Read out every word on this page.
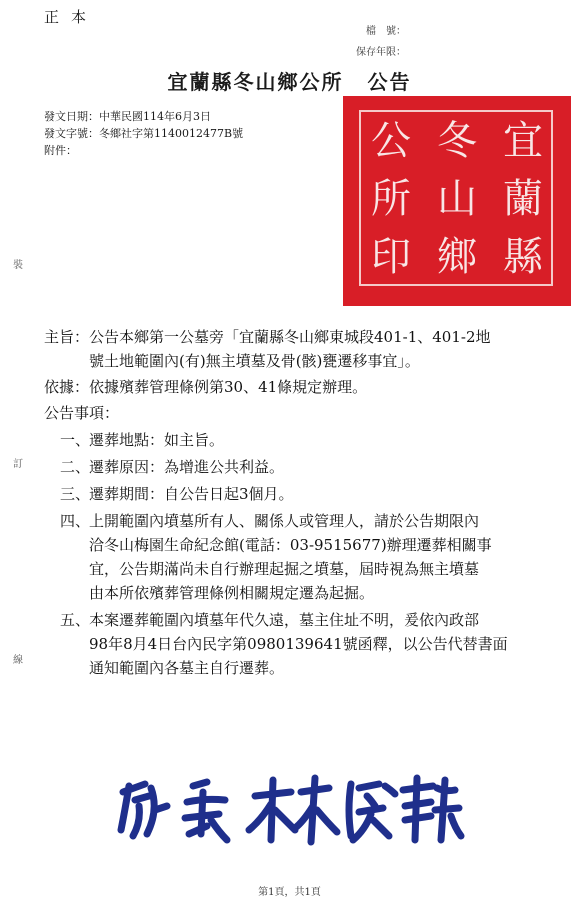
正本
檔　號：
保存年限：
宜蘭縣冬山鄉公所 公告
發文日期：中華民國114年6月3日
發文字號：冬鄉社字第1140012477B號
附件：	宜
冬
公
蘭
山
所
縣
鄉
印
裝
訂
線
主旨： 公告本鄉第一公墓旁「宜蘭縣冬山鄉東城段401-1、401-2地
號土地範圍內(有)無主墳墓及骨(骸)甕遷移事宜」。
依據： 依據殯葬管理條例第30、41條規定辦理。
公告事項：
一、
遷葬地點：如主旨。
二、
遷葬原因：為增進公共利益。
三、
遷葬期間：自公告日起3個月。
四、
上開範圍內墳墓所有人、關係人或管理人，請於公告期限內
洽冬山梅園生命紀念館(電話：03-9515677)辦理遷葬相關事
宜，公告期滿尚未自行辦理起掘之墳墓，屆時視為無主墳墓
由本所依殯葬管理條例相關規定遷為起掘。
五、
本案遷葬範圍內墳墓年代久遠，墓主住址不明，爰依內政部
98年8月4日台內民字第0980139641號函釋，以公告代替書面
通知範圍內各墓主自行遷葬。
第1頁，共1頁
